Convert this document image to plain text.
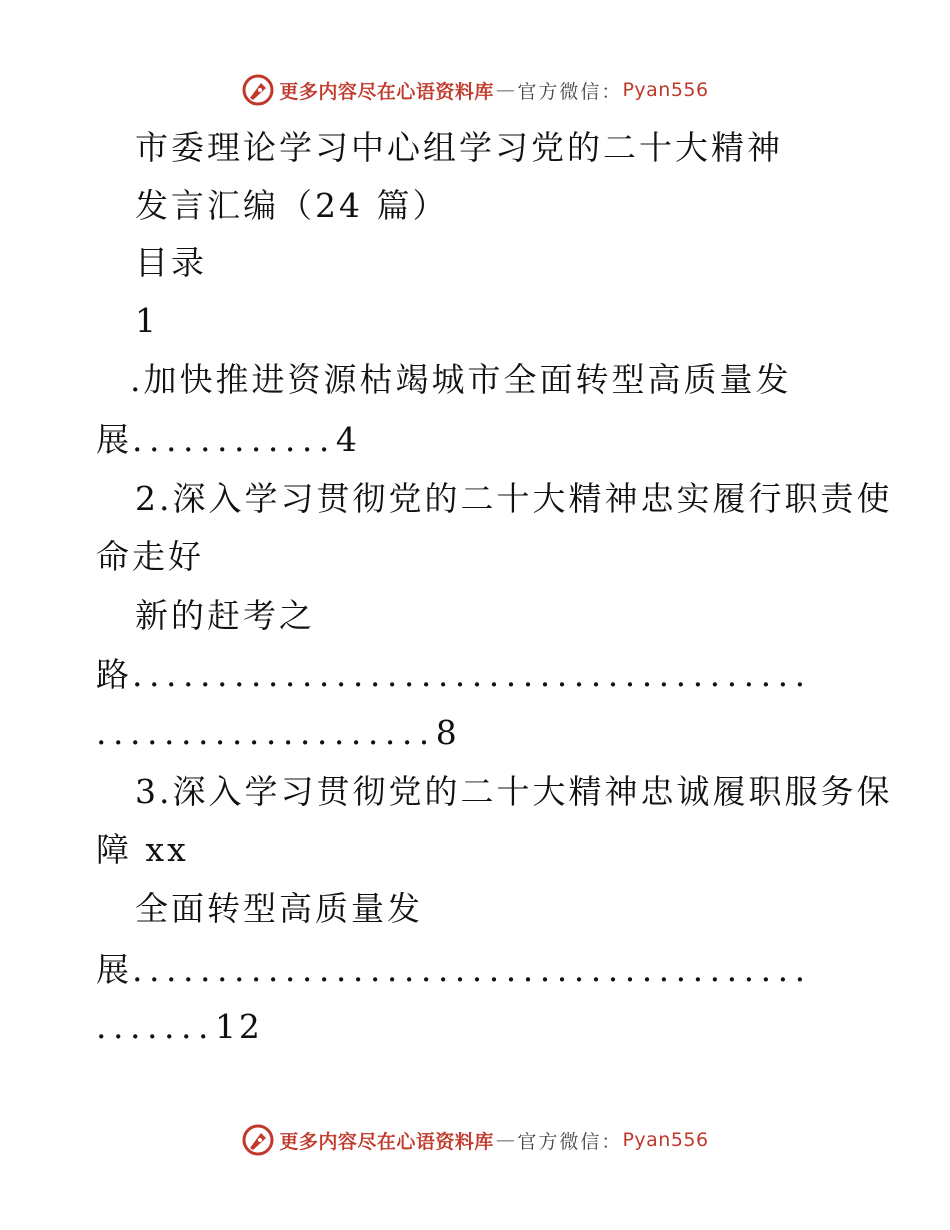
更多内容尽在心语资料库 — 官方微信： Pyan556
市委理论学习中心组学习党的二十大精神
发言汇编（24 篇）
目录
1
.加快推进资源枯竭城市全面转型高质量发
展............4
2.深入学习贯彻党的二十大精神忠实履行职责使
命走好
新的赶考之
路........................................
....................8
3.深入学习贯彻党的二十大精神忠诚履职服务保
障 xx
全面转型高质量发
展........................................
.......12
更多内容尽在心语资料库 — 官方微信： Pyan556
